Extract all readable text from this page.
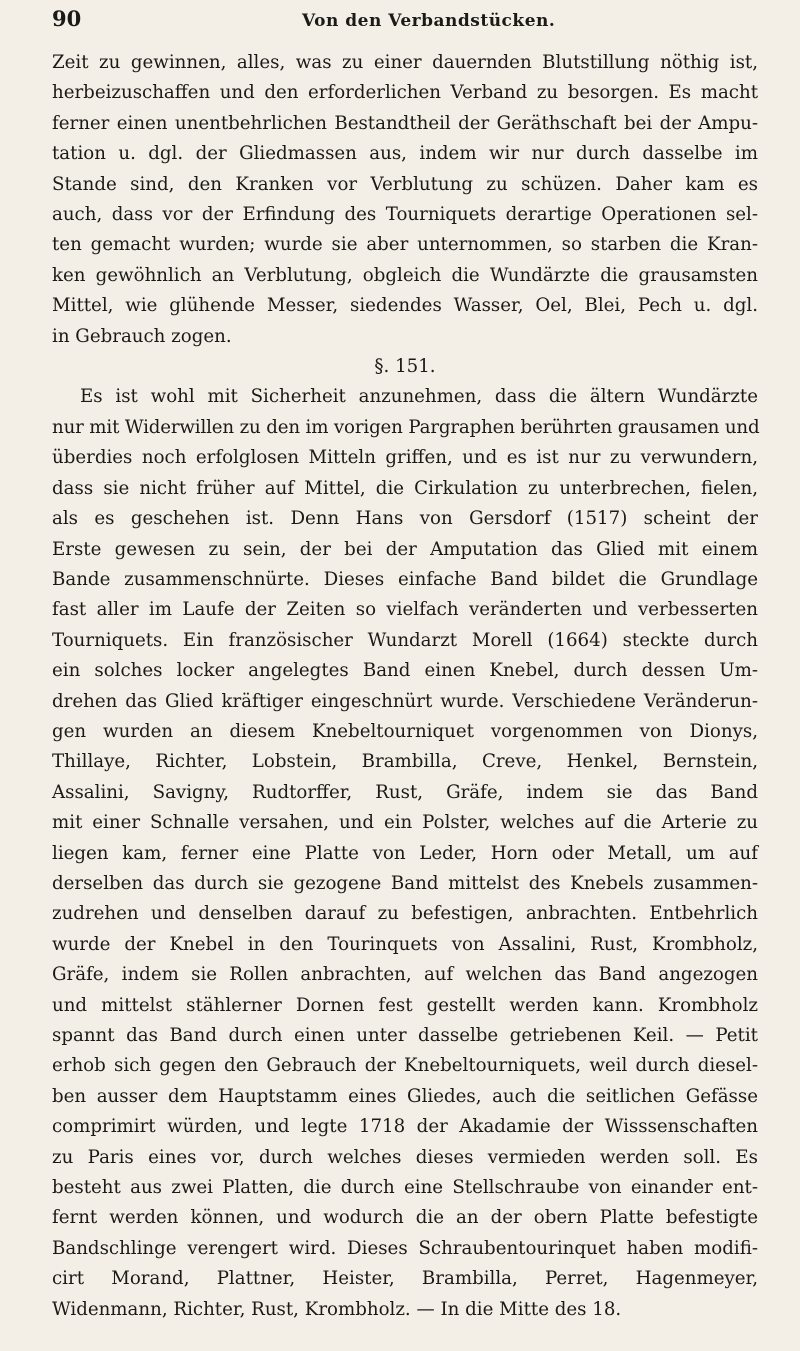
90	Von den Verbandstücken.
Zeit zu gewinnen, alles, was zu einer dauernden Blutstillung nöthig ist,
herbeizuschaffen und den erforderlichen Verband zu besorgen. Es macht
ferner einen unentbehrlichen Bestandtheil der Geräthschaft bei der Ampu-
tation u. dgl. der Gliedmassen aus, indem wir nur durch dasselbe im
Stande sind, den Kranken vor Verblutung zu schüzen. Daher kam es
auch, dass vor der Erfindung des Tourniquets derartige Operationen sel-
ten gemacht wurden; wurde sie aber unternommen, so starben die Kran-
ken gewöhnlich an Verblutung, obgleich die Wundärzte die grausamsten
Mittel, wie glühende Messer, siedendes Wasser, Oel, Blei, Pech u. dgl.
in Gebrauch zogen.
§. 151.
Es ist wohl mit Sicherheit anzunehmen, dass die ältern Wundärzte
nur mit Widerwillen zu den im vorigen Pargraphen berührten grausamen und
überdies noch erfolglosen Mitteln griffen, und es ist nur zu verwundern,
dass sie nicht früher auf Mittel, die Cirkulation zu unterbrechen, fielen,
als es geschehen ist. Denn Hans von Gersdorf (1517) scheint der
Erste gewesen zu sein, der bei der Amputation das Glied mit einem
Bande zusammenschnürte. Dieses einfache Band bildet die Grundlage
fast aller im Laufe der Zeiten so vielfach veränderten und verbesserten
Tourniquets. Ein französischer Wundarzt Morell (1664) steckte durch
ein solches locker angelegtes Band einen Knebel, durch dessen Um-
drehen das Glied kräftiger eingeschnürt wurde. Verschiedene Veränderun-
gen wurden an diesem Knebeltourniquet vorgenommen von Dionys,
Thillaye, Richter, Lobstein, Brambilla, Creve, Henkel, Bernstein,
Assalini, Savigny, Rudtorffer, Rust, Gräfe, indem sie das Band
mit einer Schnalle versahen, und ein Polster, welches auf die Arterie zu
liegen kam, ferner eine Platte von Leder, Horn oder Metall, um auf
derselben das durch sie gezogene Band mittelst des Knebels zusammen-
zudrehen und denselben darauf zu befestigen, anbrachten. Entbehrlich
wurde der Knebel in den Tourinquets von Assalini, Rust, Krombholz,
Gräfe, indem sie Rollen anbrachten, auf welchen das Band angezogen
und mittelst stählerner Dornen fest gestellt werden kann. Krombholz
spannt das Band durch einen unter dasselbe getriebenen Keil. — Petit
erhob sich gegen den Gebrauch der Knebeltourniquets, weil durch diesel-
ben ausser dem Hauptstamm eines Gliedes, auch die seitlichen Gefässe
comprimirt würden, und legte 1718 der Akadamie der Wisssenschaften
zu Paris eines vor, durch welches dieses vermieden werden soll. Es
besteht aus zwei Platten, die durch eine Stellschraube von einander ent-
fernt werden können, und wodurch die an der obern Platte befestigte
Bandschlinge verengert wird. Dieses Schraubentourinquet haben modifi-
cirt Morand, Plattner, Heister, Brambilla, Perret, Hagenmeyer,
Widenmann, Richter, Rust, Krombholz. — In die Mitte des 18.
